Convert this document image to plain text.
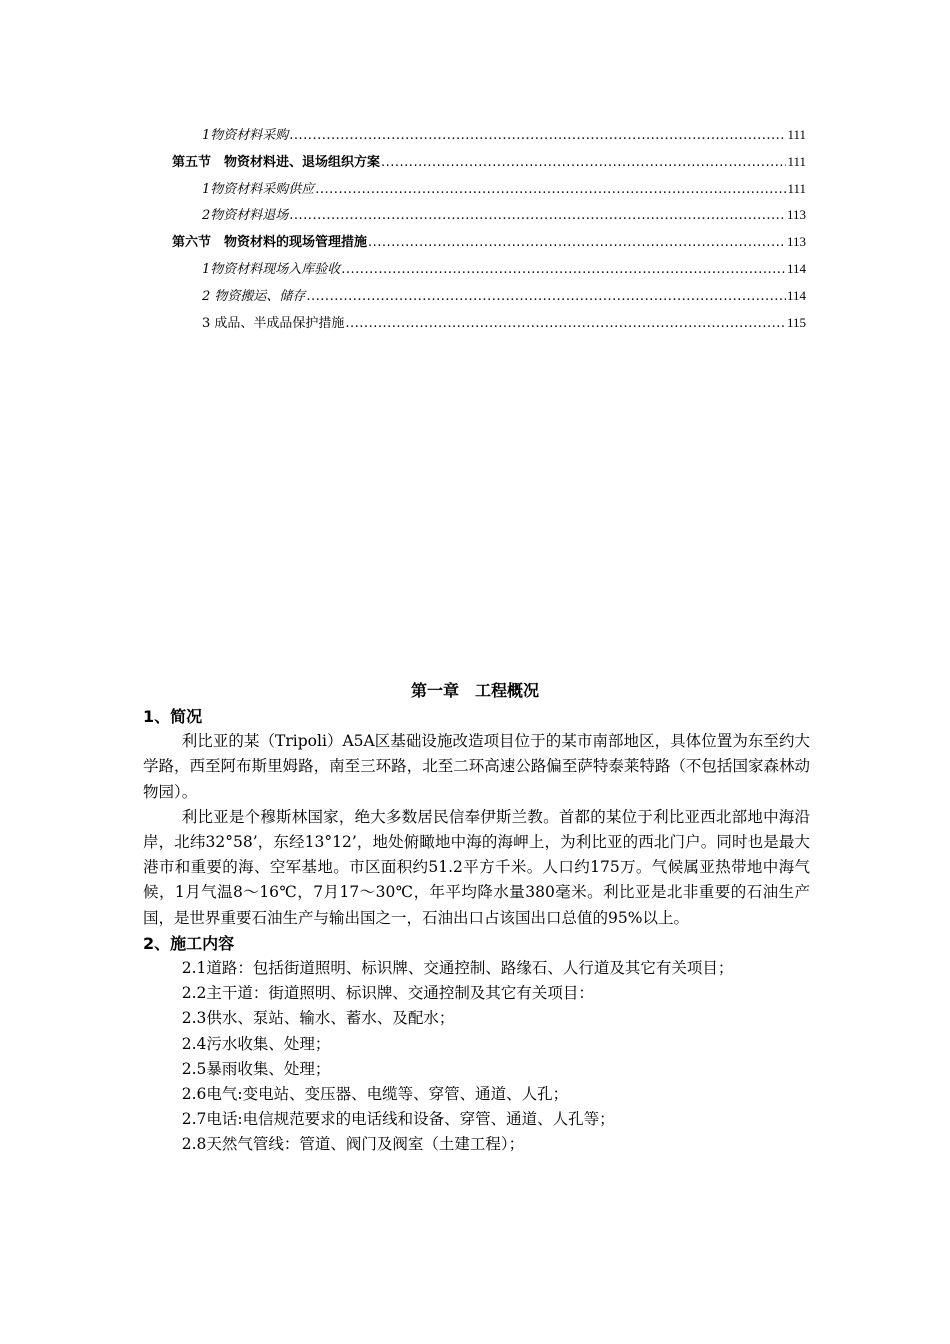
1物资材料采购 .....	111
第五节　物资材料进、退场组织方案 .....	111
1物资材料采购供应 .....	111
2物资材料退场 .....	113
第六节　物资材料的现场管理措施 .....	113
1物资材料现场入库验收 .....	114
2 物资搬运、储存 .....	114
3 成品、半成品保护措施 .....	115
第一章　工程概况
1、简况

利比亚的某（Tripoli）A5A区基础设施改造项目位于的某市南部地区，具体位置为东至约大学路，西至阿布斯里姆路，南至三环路，北至二环高速公路偏至萨特泰莱特路（不包括国家森林动物园）。

利比亚是个穆斯林国家，绝大多数居民信奉伊斯兰教。首都的某位于利比亚西北部地中海沿岸，北纬32°58’，东经13°12’，地处俯瞰地中海的海岬上，为利比亚的西北门户。同时也是最大港市和重要的海、空军基地。市区面积约51.2平方千米。人口约175万。气候属亚热带地中海气候，1月气温8～16℃，7月17～30℃，年平均降水量380毫米。利比亚是北非重要的石油生产国，是世界重要石油生产与输出国之一，石油出口占该国出口总值的95%以上。

2、施工内容

2.1道路：包括街道照明、标识牌、交通控制、路缘石、人行道及其它有关项目；

2.2主干道：街道照明、标识牌、交通控制及其它有关项目：

2.3供水、泵站、输水、蓄水、及配水；

2.4污水收集、处理；

2.5暴雨收集、处理；

2.6电气:变电站、变压器、电缆等、穿管、通道、人孔；

2.7电话:电信规范要求的电话线和设备、穿管、通道、人孔等；

2.8天然气管线：管道、阀门及阀室（土建工程）；
